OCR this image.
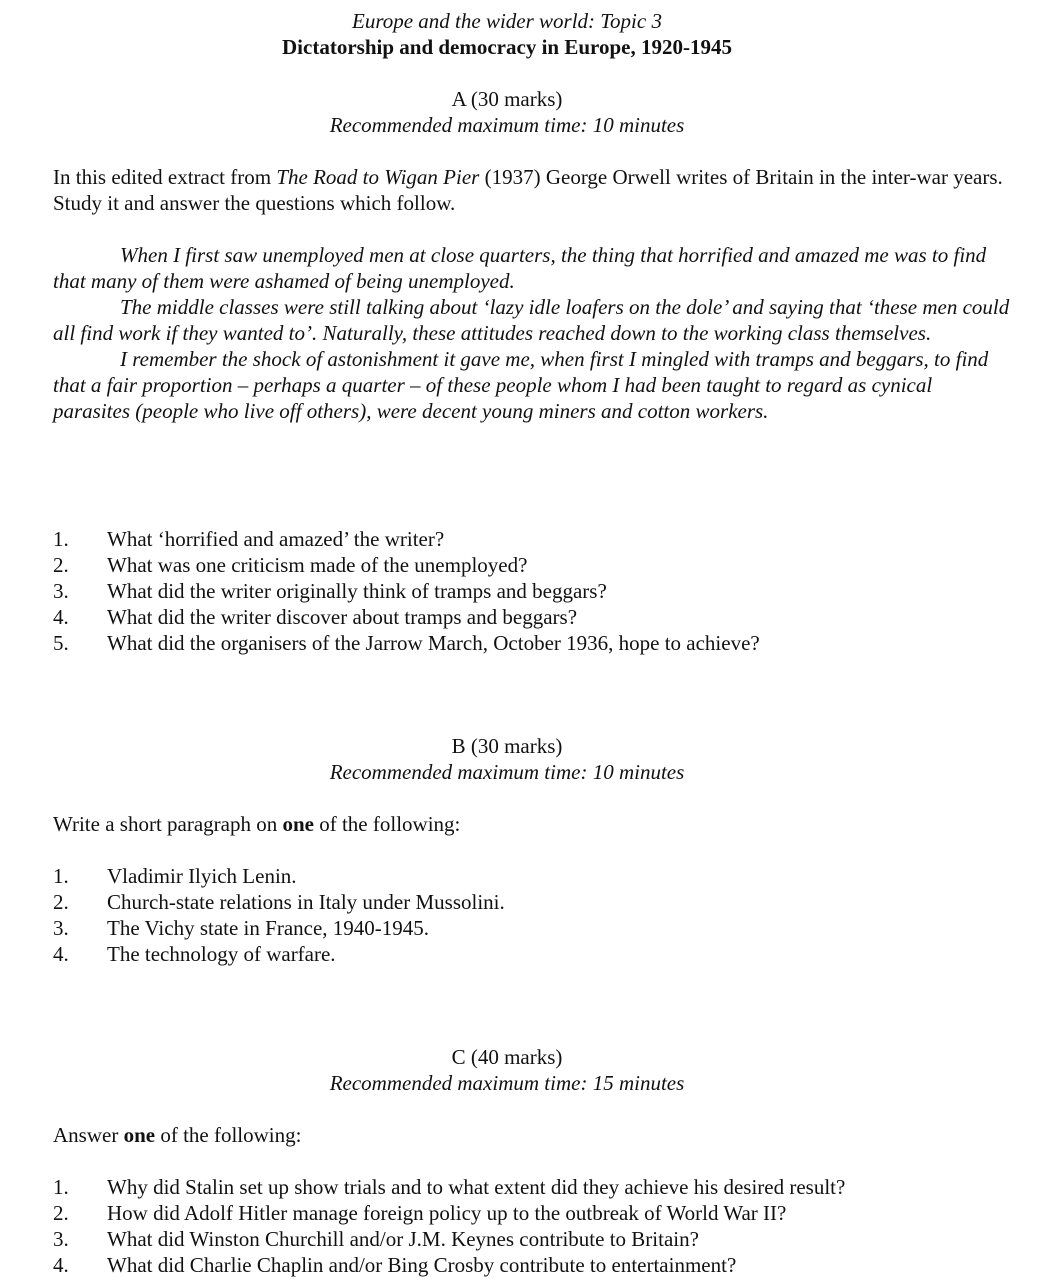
Europe and the wider world: Topic 3
Dictatorship and democracy in Europe, 1920-1945
A (30 marks)
Recommended maximum time: 10 minutes
In this edited extract from The Road to Wigan Pier (1937) George Orwell writes of Britain in the inter-war years. Study it and answer the questions which follow.
When I first saw unemployed men at close quarters, the thing that horrified and amazed me was to find that many of them were ashamed of being unemployed.
The middle classes were still talking about ‘lazy idle loafers on the dole’ and saying that ‘these men could all find work if they wanted to’. Naturally, these attitudes reached down to the working class themselves.
I remember the shock of astonishment it gave me, when first I mingled with tramps and beggars, to find that a fair proportion – perhaps a quarter – of these people whom I had been taught to regard as cynical parasites (people who live off others), were decent young miners and cotton workers.
1. What ‘horrified and amazed’ the writer?
2. What was one criticism made of the unemployed?
3. What did the writer originally think of tramps and beggars?
4. What did the writer discover about tramps and beggars?
5. What did the organisers of the Jarrow March, October 1936, hope to achieve?
B (30 marks)
Recommended maximum time: 10 minutes
Write a short paragraph on one of the following:
1. Vladimir Ilyich Lenin.
2. Church-state relations in Italy under Mussolini.
3. The Vichy state in France, 1940-1945.
4. The technology of warfare.
C (40 marks)
Recommended maximum time: 15 minutes
Answer one of the following:
1. Why did Stalin set up show trials and to what extent did they achieve his desired result?
2. How did Adolf Hitler manage foreign policy up to the outbreak of World War II?
3. What did Winston Churchill and/or J.M. Keynes contribute to Britain?
4. What did Charlie Chaplin and/or Bing Crosby contribute to entertainment?
